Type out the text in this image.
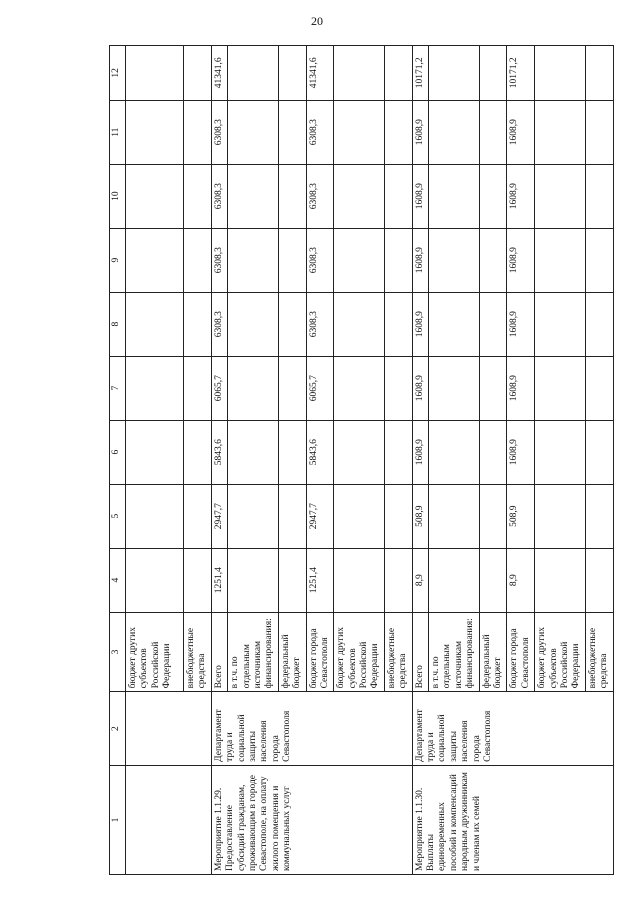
20
1	2	3	4	5	6	7	8	9	10	11	12
		бюджет других субъектов Российской Федерации									
		внебюджетные средства									
Мероприятие 1.1.29. Предоставление субсидий гражданам, проживающим в городе Севастополе, на оплату жилого помещения и коммунальных услуг	Департамент труда и социальной защиты населения города Севастополя	Всего	1251,4	2947,7	5843,6	6065,7	6308,3	6308,3	6308,3	6308,3	41341,6
		в т.ч. по отдельным источникам финансирования:									
		федеральный бюджет									
		бюджет города Севастополя	1251,4	2947,7	5843,6	6065,7	6308,3	6308,3	6308,3	6308,3	41341,6
		бюджет других субъектов Российской Федерации									
		внебюджетные средства									
Мероприятие 1.1.30. Выплаты единовременных пособий и компенсаций народным дружинникам и членам их семей	Департамент труда и социальной защиты населения города Севастополя	Всего	8,9	508,9	1608,9	1608,9	1608,9	1608,9	1608,9	1608,9	10171,2
		в т.ч. по отдельным источникам финансирования:									
		федеральный бюджет									
		бюджет города Севастополя	8,9	508,9	1608,9	1608,9	1608,9	1608,9	1608,9	1608,9	10171,2
		бюджет других субъектов Российской Федерации									
		внебюджетные средства									
